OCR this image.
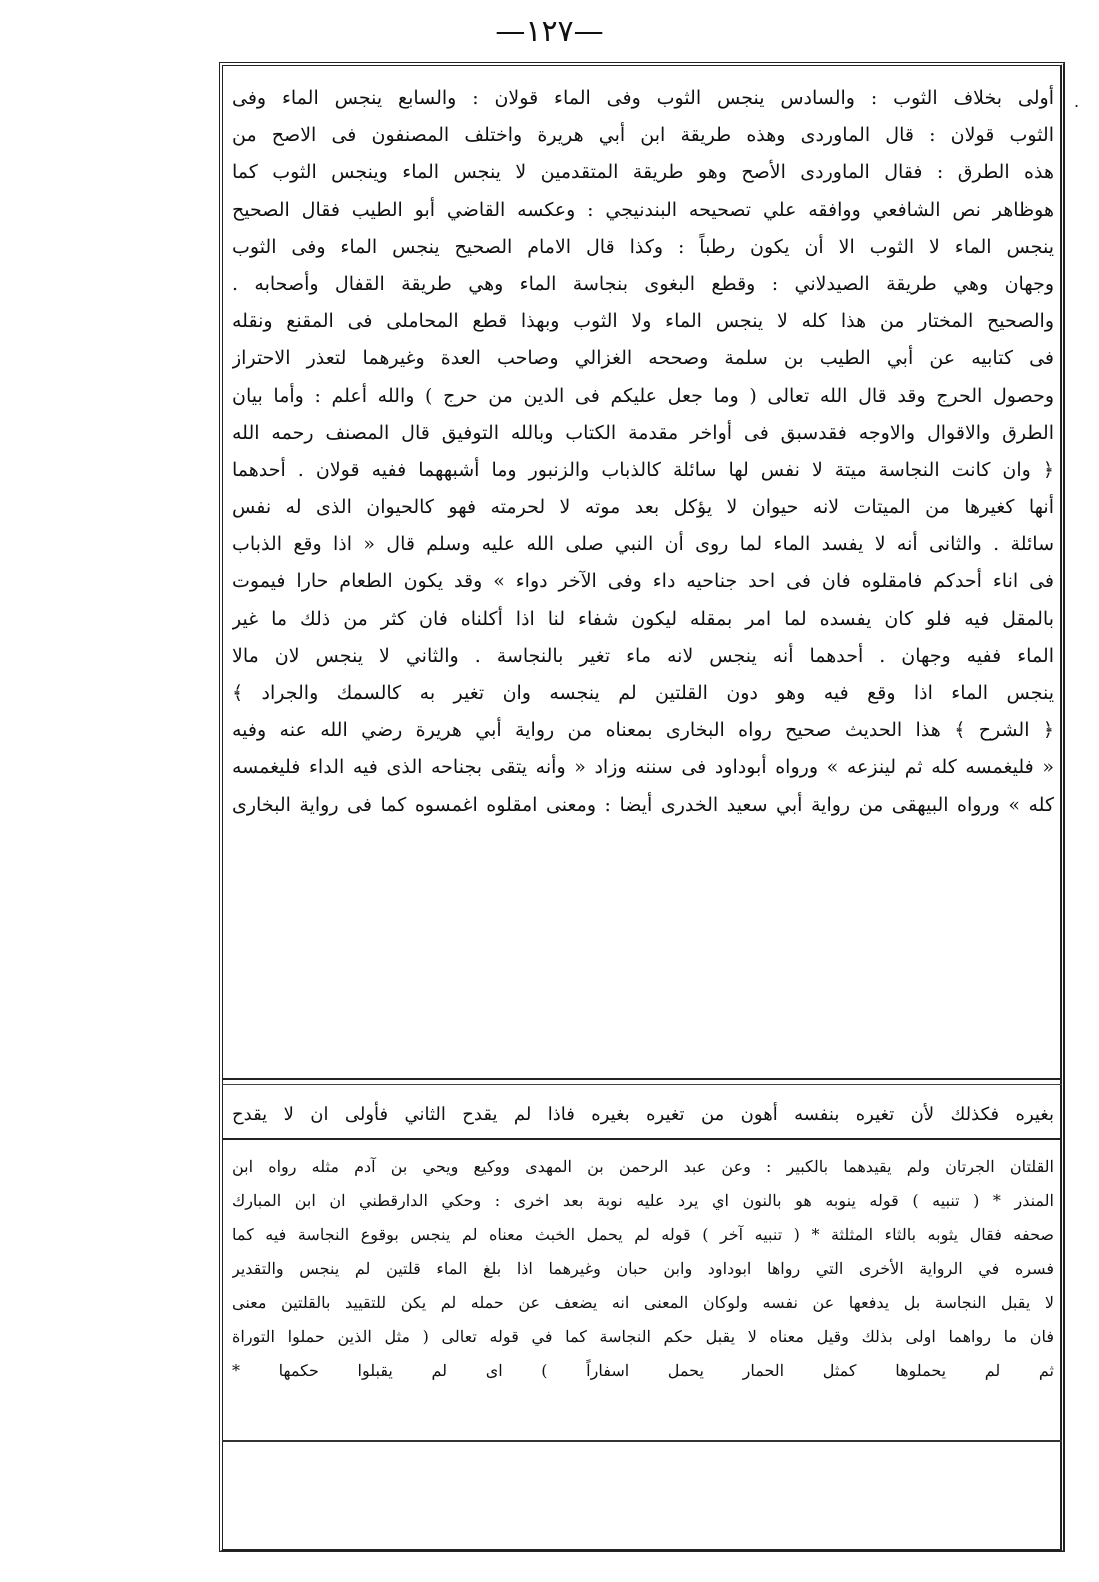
—١٢٧—
.
أولى بخلاف الثوب : والسادس ينجس الثوب وفى الماء قولان : والسابع ينجس الماء وفى
الثوب قولان : قال الماوردى وهذه طريقة ابن أبي هريرة واختلف المصنفون فى الاصح من
هذه الطرق : فقال الماوردى الأصح وهو طريقة المتقدمين لا ينجس الماء وينجس الثوب كما
هوظاهر نص الشافعي ووافقه علي تصحيحه البندنيجي : وعكسه القاضي أبو الطيب فقال الصحيح
ينجس الماء لا الثوب الا أن يكون رطباً : وكذا قال الامام الصحيح ينجس الماء وفى الثوب
وجهان وهي طريقة الصيدلاني : وقطع البغوى بنجاسة الماء وهي طريقة القفال وأصحابه .
والصحيح المختار من هذا كله لا ينجس الماء ولا الثوب وبهذا قطع المحاملى فى المقنع ونقله
فى كتابيه عن أبي الطيب بن سلمة وصححه الغزالي وصاحب العدة وغيرهما لتعذر الاحتراز
وحصول الحرج وقد قال الله تعالى ( وما جعل عليكم فى الدين من حرج ) والله أعلم : وأما بيان
الطرق والاقوال والاوجه فقدسبق فى أواخر مقدمة الكتاب وبالله التوفيق قال المصنف رحمه الله
﴿ وان كانت النجاسة ميتة لا نفس لها سائلة كالذباب والزنبور وما أشبههما ففيه قولان . أحدهما
أنها كغيرها من الميتات لانه حيوان لا يؤكل بعد موته لا لحرمته فهو كالحيوان الذى له نفس
سائلة . والثانى أنه لا يفسد الماء لما روى أن النبي صلى الله عليه وسلم قال « اذا وقع الذباب
فى اناء أحدكم فامقلوه فان فى احد جناحيه داء وفى الآخر دواء » وقد يكون الطعام حارا فيموت
بالمقل فيه فلو كان يفسده لما امر بمقله ليكون شفاء لنا اذا أكلناه فان كثر من ذلك ما غير
الماء ففيه وجهان . أحدهما أنه ينجس لانه ماء تغير بالنجاسة . والثاني لا ينجس لان مالا
ينجس الماء اذا وقع فيه وهو دون القلتين لم ينجسه وان تغير به كالسمك والجراد ﴾
﴿ الشرح ﴾ هذا الحديث صحيح رواه البخارى بمعناه من رواية أبي هريرة رضي الله عنه وفيه
« فليغمسه كله ثم لينزعه » ورواه أبوداود فى سننه وزاد « وأنه يتقى بجناحه الذى فيه الداء فليغمسه
كله » ورواه البيهقى من رواية أبي سعيد الخدرى أيضا : ومعنى امقلوه اغمسوه كما فى رواية البخارى
بغيره فكذلك لأن تغيره بنفسه أهون من تغيره بغيره فاذا لم يقدح الثاني فأولى ان لا يقدح
القلتان الجرتان ولم يقيدهما بالكبير : وعن عبد الرحمن بن المهدى ووكيع ويحي بن آدم مثله رواه ابن
المنذر * ( تنبيه ) قوله ينوبه هو بالنون اي يرد عليه نوبة بعد اخرى : وحكي الدارقطني ان ابن المبارك
صحفه فقال يثوبه بالثاء المثلثة * ( تنبيه آخر ) قوله لم يحمل الخبث معناه لم ينجس بوقوع النجاسة فيه كما
فسره في الرواية الأخرى التي رواها ابوداود وابن حبان وغيرهما اذا بلغ الماء قلتين لم ينجس والتقدير
لا يقبل النجاسة بل يدفعها عن نفسه ولوكان المعنى انه يضعف عن حمله لم يكن للتقييد بالقلتين معنى
فان ما رواهما اولى بذلك وقيل معناه لا يقبل حكم النجاسة كما في قوله تعالى ( مثل الذين حملوا التوراة
ثم لم يحملوها كمثل الحمار يحمل اسفاراً ) اى لم يقبلوا حكمها *
